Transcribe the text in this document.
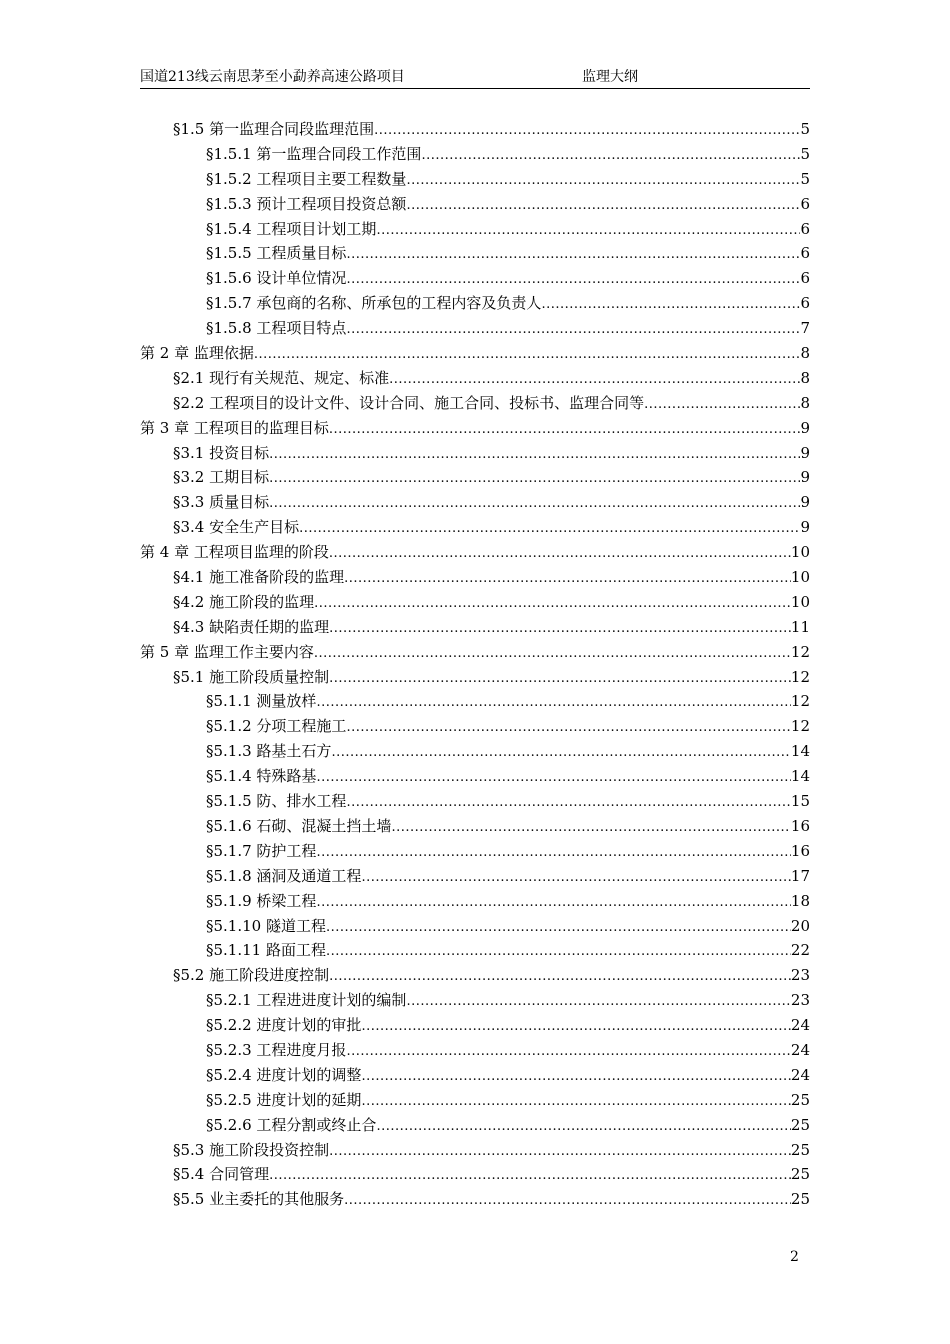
国道213线云南思茅至小勐养高速公路项目	监理大纲
§1.5 第一监理合同段监理范围 .....	5
§1.5.1 第一监理合同段工作范围 .....	5
§1.5.2 工程项目主要工程数量 .....	5
§1.5.3 预计工程项目投资总额 .....	6
§1.5.4 工程项目计划工期 .....	6
§1.5.5 工程质量目标 .....	6
§1.5.6 设计单位情况 .....	6
§1.5.7 承包商的名称、所承包的工程内容及负责人 .....	6
§1.5.8 工程项目特点 .....	7
第 2 章 监理依据 .....	8
§2.1 现行有关规范、规定、标准 .....	8
§2.2 工程项目的设计文件、设计合同、施工合同、投标书、监理合同等 .....	8
第 3 章 工程项目的监理目标 .....	9
§3.1 投资目标 .....	9
§3.2 工期目标 .....	9
§3.3 质量目标 .....	9
§3.4 安全生产目标 .....	9
第 4 章 工程项目监理的阶段 .....	10
§4.1 施工准备阶段的监理 .....	10
§4.2 施工阶段的监理 .....	10
§4.3 缺陷责任期的监理 .....	11
第 5 章 监理工作主要内容 .....	12
§5.1 施工阶段质量控制 .....	12
§5.1.1 测量放样 .....	12
§5.1.2 分项工程施工 .....	12
§5.1.3 路基土石方 .....	14
§5.1.4 特殊路基 .....	14
§5.1.5 防、排水工程 .....	15
§5.1.6 石砌、混凝土挡土墙 .....	16
§5.1.7 防护工程 .....	16
§5.1.8 涵洞及通道工程 .....	17
§5.1.9 桥梁工程 .....	18
§5.1.10 隧道工程 .....	20
§5.1.11 路面工程 .....	22
§5.2 施工阶段进度控制 .....	23
§5.2.1 工程进进度计划的编制 .....	23
§5.2.2 进度计划的审批 .....	24
§5.2.3 工程进度月报 .....	24
§5.2.4 进度计划的调整 .....	24
§5.2.5 进度计划的延期 .....	25
§5.2.6 工程分割或终止合 .....	25
§5.3 施工阶段投资控制 .....	25
§5.4 合同管理 .....	25
§5.5 业主委托的其他服务 .....	25
2
